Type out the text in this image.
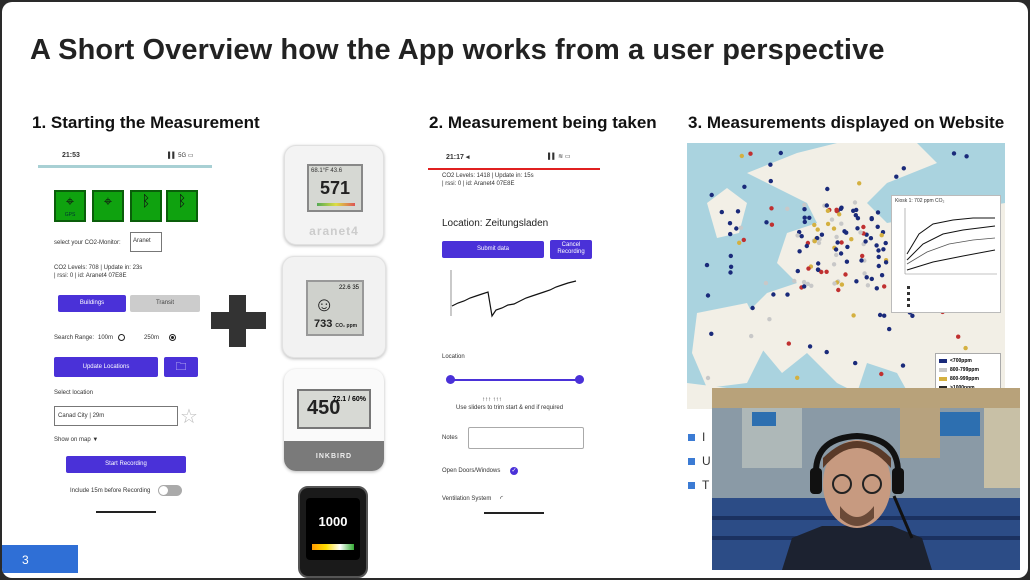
A Short Overview how the App works from a user perspective
1. Starting the Measurement	2. Measurement being taken 3. Measurements displayed on Website
21:53	▌▌ 5G ▭
⌖
GPS
⌖	ᛒ	ᛒ
select your CO2-Monitor:	Aranet
CO2 Levels: 708 | Update in: 23s
| rssi: 0 | id: Aranet4 07E8E
Buildings	Transit
Search Range: 100m	250m
Update Locations	🗀
Select location
Canad City | 29m	☆
Show on map ▼
Start Recording
Include 15m before Recording
68.1°F 43.6
571
aranet4
22.6 35
☺
733 CO₂ ppm
450
72.1 / 60%
INKBIRD
1000
21:17 ◂	▌▌ ≋ ▭
CO2 Levels: 1418 | Update in: 15s
| rssi: 0 | id: Aranet4 07E8E
Location: Zeitungsladen
Submit data
Cancel Recording
Location
↑↑↑ ↑↑↑
Use sliders to trim start & end if required
Notes
Open Doors/Windows ✓
Ventilation System ◜
Kiosk 1: 702 ppm CO₂
<700ppm
800-799ppm
800-999ppm
I
U
T
3
